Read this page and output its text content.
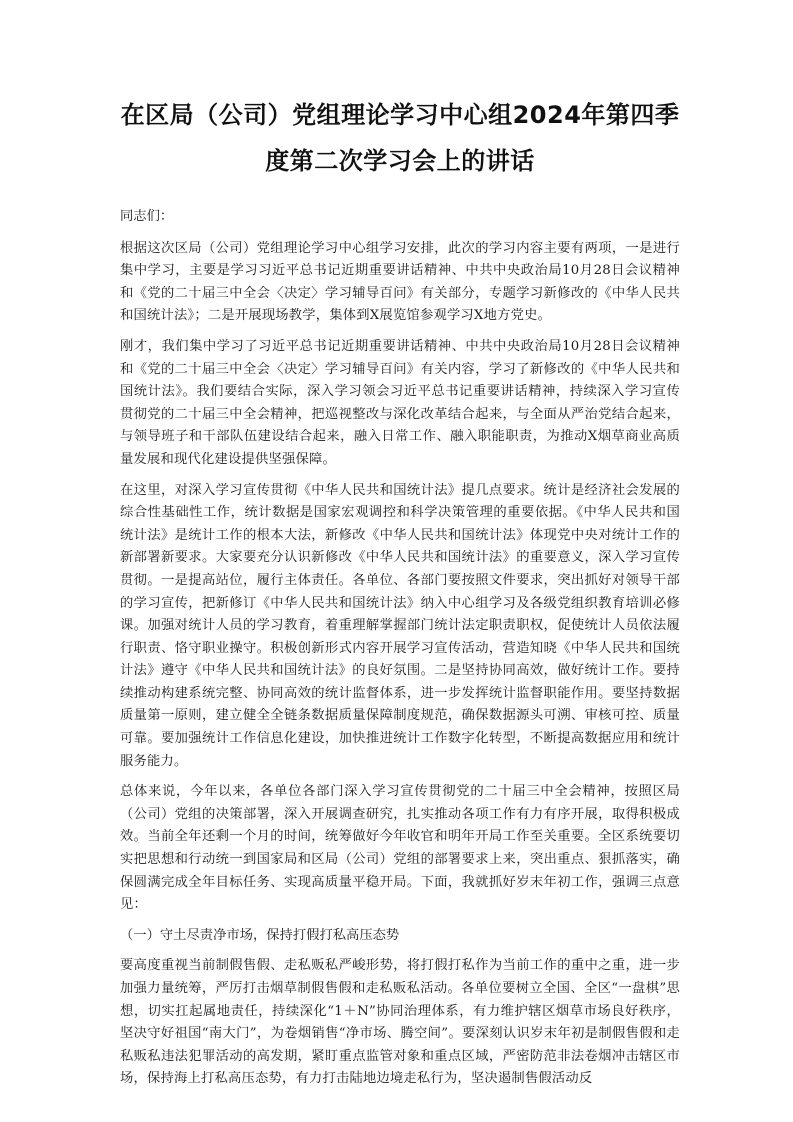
在区局（公司）党组理论学习中心组2024年第四季
度第二次学习会上的讲话

同志们：

根据这次区局（公司）党组理论学习中心组学习安排，此次的学习内容主要有两项，一是进行集中学习，主要是学习习近平总书记近期重要讲话精神、中共中央政治局10月28日会议精神和《党的二十届三中全会〈决定〉学习辅导百问》有关部分，专题学习新修改的《中华人民共和国统计法》；二是开展现场教学，集体到X展览馆参观学习X地方党史。

刚才，我们集中学习了习近平总书记近期重要讲话精神、中共中央政治局10月28日会议精神和《党的二十届三中全会〈决定〉学习辅导百问》有关内容，学习了新修改的《中华人民共和国统计法》。我们要结合实际，深入学习领会习近平总书记重要讲话精神，持续深入学习宣传贯彻党的二十届三中全会精神，把巡视整改与深化改革结合起来，与全面从严治党结合起来，与领导班子和干部队伍建设结合起来，融入日常工作、融入职能职责，为推动X烟草商业高质量发展和现代化建设提供坚强保障。

在这里，对深入学习宣传贯彻《中华人民共和国统计法》提几点要求。统计是经济社会发展的综合性基础性工作，统计数据是国家宏观调控和科学决策管理的重要依据。《中华人民共和国统计法》是统计工作的根本大法，新修改《中华人民共和国统计法》体现党中央对统计工作的新部署新要求。大家要充分认识新修改《中华人民共和国统计法》的重要意义，深入学习宣传贯彻。一是提高站位，履行主体责任。各单位、各部门要按照文件要求，突出抓好对领导干部的学习宣传，把新修订《中华人民共和国统计法》纳入中心组学习及各级党组织教育培训必修课。加强对统计人员的学习教育，着重理解掌握部门统计法定职责职权，促使统计人员依法履行职责、恪守职业操守。积极创新形式内容开展学习宣传活动，营造知晓《中华人民共和国统计法》遵守《中华人民共和国统计法》的良好氛围。二是坚持协同高效，做好统计工作。要持续推动构建系统完整、协同高效的统计监督体系，进一步发挥统计监督职能作用。要坚持数据质量第一原则，建立健全全链条数据质量保障制度规范，确保数据源头可溯、审核可控、质量可靠。要加强统计工作信息化建设，加快推进统计工作数字化转型，不断提高数据应用和统计服务能力。

总体来说，今年以来，各单位各部门深入学习宣传贯彻党的二十届三中全会精神，按照区局（公司）党组的决策部署，深入开展调查研究，扎实推动各项工作有力有序开展，取得积极成效。当前全年还剩一个月的时间，统筹做好今年收官和明年开局工作至关重要。全区系统要切实把思想和行动统一到国家局和区局（公司）党组的部署要求上来，突出重点、狠抓落实，确保圆满完成全年目标任务、实现高质量平稳开局。下面，我就抓好岁末年初工作，强调三点意见：

（一）守土尽责净市场，保持打假打私高压态势

要高度重视当前制假售假、走私贩私严峻形势，将打假打私作为当前工作的重中之重，进一步加强力量统筹，严厉打击烟草制假售假和走私贩私活动。各单位要树立全国、全区“一盘棋”思想，切实扛起属地责任，持续深化“1＋N”协同治理体系，有力维护辖区烟草市场良好秩序，坚决守好祖国“南大门”，为卷烟销售“净市场、腾空间”。要深刻认识岁末年初是制假售假和走私贩私违法犯罪活动的高发期，紧盯重点监管对象和重点区域，严密防范非法卷烟冲击辖区市场，保持海上打私高压态势，有力打击陆地边境走私行为，坚决遏制售假活动反
